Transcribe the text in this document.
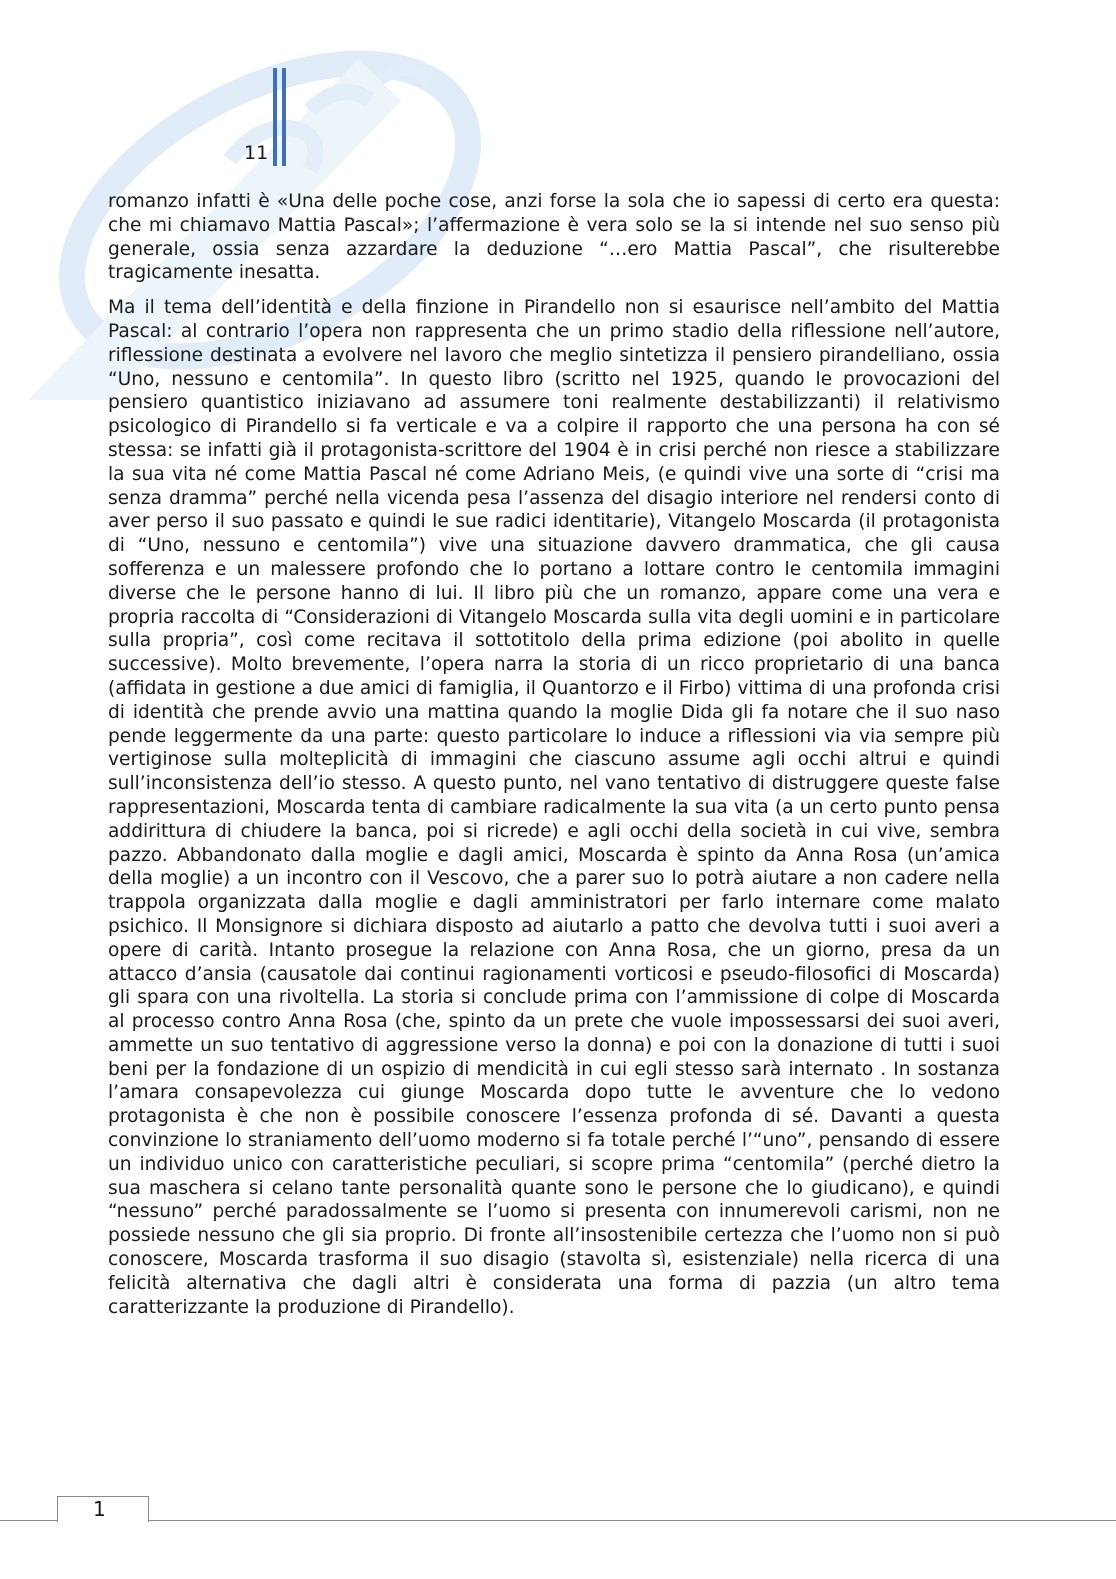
11

romanzo infatti è «Una delle poche cose, anzi forse la sola che io sapessi di certo era questa: che mi chiamavo Mattia Pascal»; l’affermazione è vera solo se la si intende nel suo senso più generale, ossia senza azzardare la deduzione “…ero Mattia Pascal”, che risulterebbe tragicamente inesatta.

Ma il tema dell’identità e della finzione in Pirandello non si esaurisce nell’ambito del Mattia Pascal: al contrario l’opera non rappresenta che un primo stadio della riflessione nell’autore, riflessione destinata a evolvere nel lavoro che meglio sintetizza il pensiero pirandelliano, ossia “Uno, nessuno e centomila”. In questo libro (scritto nel 1925, quando le provocazioni del pensiero quantistico iniziavano ad assumere toni realmente destabilizzanti) il relativismo psicologico di Pirandello si fa verticale e va a colpire il rapporto che una persona ha con sé stessa: se infatti già il protagonista-scrittore del 1904 è in crisi perché non riesce a stabilizzare la sua vita né come Mattia Pascal né come Adriano Meis, (e quindi vive una sorte di “crisi ma senza dramma” perché nella vicenda pesa l’assenza del disagio interiore nel rendersi conto di aver perso il suo passato e quindi le sue radici identitarie), Vitangelo Moscarda (il protagonista di “Uno, nessuno e centomila”) vive una situazione davvero drammatica, che gli causa sofferenza e un malessere profondo che lo portano a lottare contro le centomila immagini diverse che le persone hanno di lui. Il libro più che un romanzo, appare come una vera e propria raccolta di “Considerazioni di Vitangelo Moscarda sulla vita degli uomini e in particolare sulla propria”, così come recitava il sottotitolo della prima edizione (poi abolito in quelle successive). Molto brevemente, l’opera narra la storia di un ricco proprietario di una banca (affidata in gestione a due amici di famiglia, il Quantorzo e il Firbo) vittima di una profonda crisi di identità che prende avvio una mattina quando la moglie Dida gli fa notare che il suo naso pende leggermente da una parte: questo particolare lo induce a riflessioni via via sempre più vertiginose sulla molteplicità di immagini che ciascuno assume agli occhi altrui e quindi sull’inconsistenza dell’io stesso. A questo punto, nel vano tentativo di distruggere queste false rappresentazioni, Moscarda tenta di cambiare radicalmente la sua vita (a un certo punto pensa addirittura di chiudere la banca, poi si ricrede) e agli occhi della società in cui vive, sembra pazzo. Abbandonato dalla moglie e dagli amici, Moscarda è spinto da Anna Rosa (un’amica della moglie) a un incontro con il Vescovo, che a parer suo lo potrà aiutare a non cadere nella trappola organizzata dalla moglie e dagli amministratori per farlo internare come malato psichico. Il Monsignore si dichiara disposto ad aiutarlo a patto che devolva tutti i suoi averi a opere di carità. Intanto prosegue la relazione con Anna Rosa, che un giorno, presa da un attacco d’ansia (causatole dai continui ragionamenti vorticosi e pseudo-filosofici di Moscarda) gli spara con una rivoltella. La storia si conclude prima con l’ammissione di colpe di Moscarda al processo contro Anna Rosa (che, spinto da un prete che vuole impossessarsi dei suoi averi, ammette un suo tentativo di aggressione verso la donna) e poi con la donazione di tutti i suoi beni per la fondazione di un ospizio di mendicità in cui egli stesso sarà internato . In sostanza l’amara consapevolezza cui giunge Moscarda dopo tutte le avventure che lo vedono protagonista è che non è possibile conoscere l’essenza profonda di sé. Davanti a questa convinzione lo straniamento dell’uomo moderno si fa totale perché l’“uno”, pensando di essere un individuo unico con caratteristiche peculiari, si scopre prima “centomila” (perché dietro la sua maschera si celano tante personalità quante sono le persone che lo giudicano), e quindi “nessuno” perché paradossalmente se l’uomo si presenta con innumerevoli carismi, non ne possiede nessuno che gli sia proprio. Di fronte all’insostenibile certezza che l’uomo non si può conoscere, Moscarda trasforma il suo disagio (stavolta sì, esistenziale) nella ricerca di una felicità alternativa che dagli altri è considerata una forma di pazzia (un altro tema caratterizzante la produzione di Pirandello).

1
